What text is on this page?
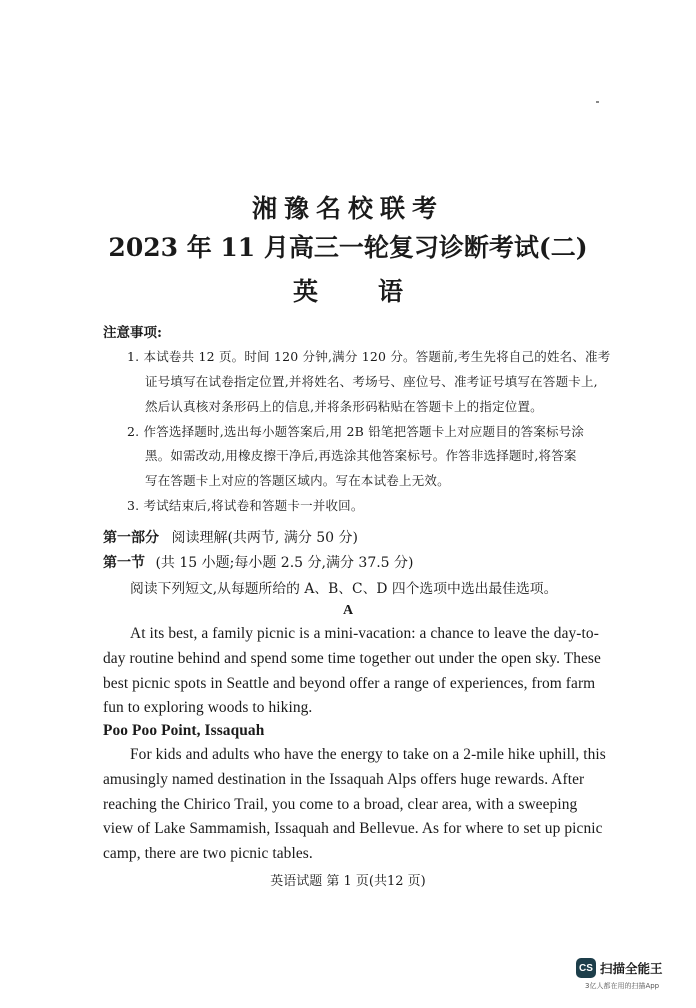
湘豫名校联考
2023 年 11 月高三一轮复习诊断考试(二)
英 语
注意事项:
1. 本试卷共 12 页。时间 120 分钟,满分 120 分。答题前,考生先将自己的姓名、准考
证号填写在试卷指定位置,并将姓名、考场号、座位号、准考证号填写在答题卡上,
然后认真核对条形码上的信息,并将条形码粘贴在答题卡上的指定位置。
2. 作答选择题时,选出每小题答案后,用 2B 铅笔把答题卡上对应题目的答案标号涂
黑。如需改动,用橡皮擦干净后,再选涂其他答案标号。作答非选择题时,将答案
写在答题卡上对应的答题区域内。写在本试卷上无效。
3. 考试结束后,将试卷和答题卡一并收回。
第一部分 阅读理解(共两节, 满分 50 分)
第一节 (共 15 小题;每小题 2.5 分,满分 37.5 分)
阅读下列短文,从每题所给的 A、B、C、D 四个选项中选出最佳选项。
A
At its best, a family picnic is a mini-vacation: a chance to leave the day-to-
day routine behind and spend some time together out under the open sky. These
best picnic spots in Seattle and beyond offer a range of experiences, from farm
fun to exploring woods to hiking.
Poo Poo Point, Issaquah
For kids and adults who have the energy to take on a 2-mile hike uphill, this
amusingly named destination in the Issaquah Alps offers huge rewards. After
reaching the Chirico Trail, you come to a broad, clear area, with a sweeping
view of Lake Sammamish, Issaquah and Bellevue. As for where to set up picnic
camp, there are two picnic tables.
英语试题 第 1 页(共12 页)
CS 扫描全能王
3亿人都在用的扫描App
